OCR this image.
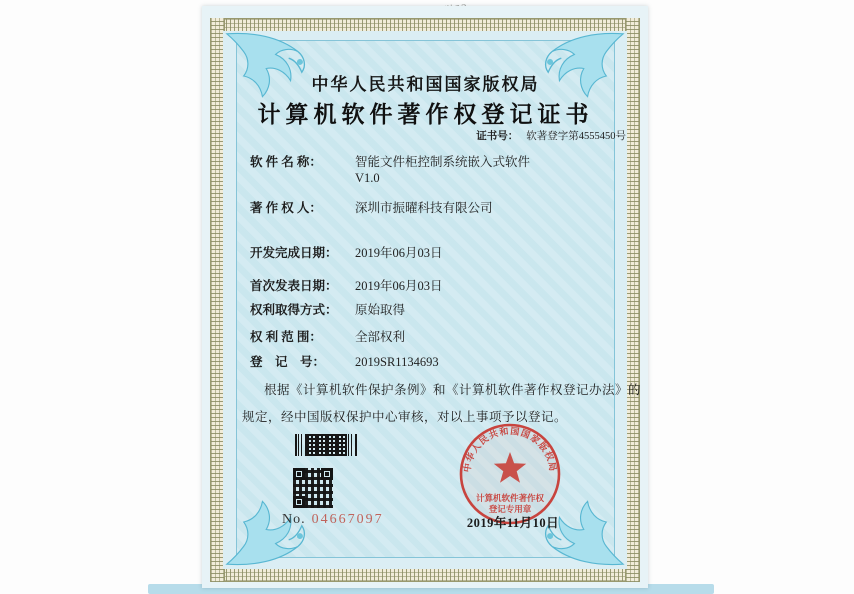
中华人民共和国国家版权局
计算机软件著作权登记证书
证书号： 软著登字第4555450号
软 件 名 称：	智能文件柜控制系统嵌入式软件
V1.0
著 作 权 人：	深圳市振曜科技有限公司
开发完成日期： 2019年06月03日
首次发表日期： 2019年06月03日
权利取得方式： 原始取得
权 利 范 围：	全部权利
登　记　号： 2019SR1134693
根据《计算机软件保护条例》和《计算机软件著作权登记办法》的
规定，经中国版权保护中心审核，对以上事项予以登记。
No. 04667097
中华人民共和国国家版权局
计算机软件著作权
登记专用章
2019年11月10日
